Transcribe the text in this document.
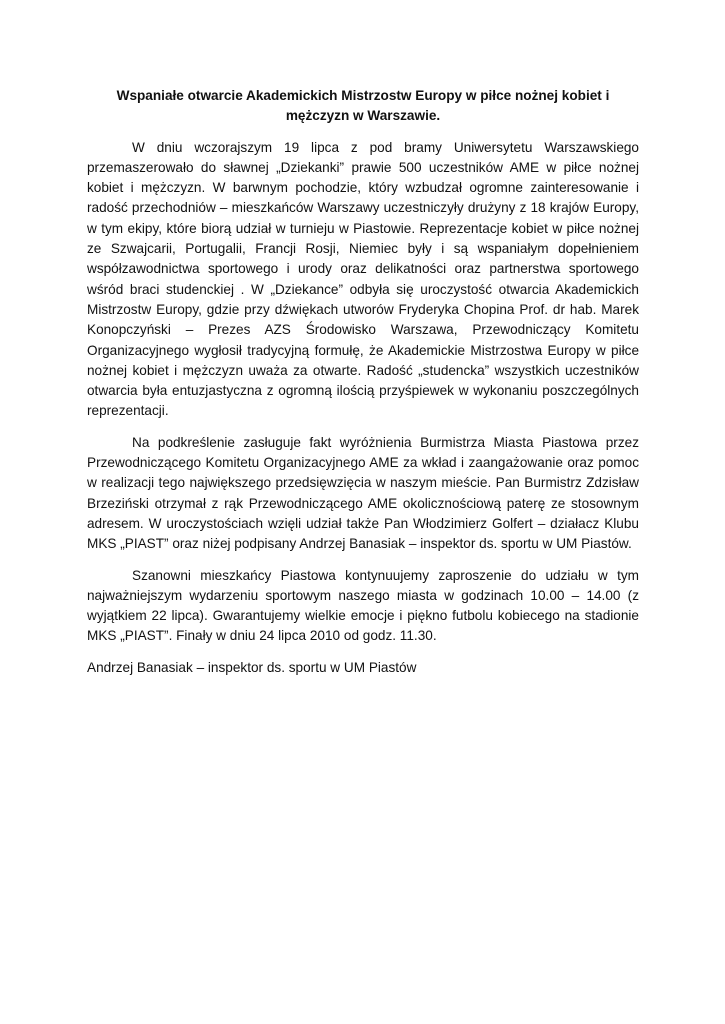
Wspaniałe otwarcie Akademickich Mistrzostw Europy w piłce nożnej kobiet i mężczyzn w Warszawie.

W dniu wczorajszym 19 lipca z pod bramy Uniwersytetu Warszawskiego przemaszerowało do sławnej „Dziekanki” prawie 500 uczestników AME w piłce nożnej kobiet i mężczyzn. W barwnym pochodzie, który wzbudzał ogromne zainteresowanie i radość przechodniów – mieszkańców Warszawy uczestniczyły drużyny z 18 krajów Europy, w tym ekipy, które biorą udział w turnieju w Piastowie. Reprezentacje kobiet w piłce nożnej ze Szwajcarii, Portugalii, Francji Rosji, Niemiec były i są wspaniałym dopełnieniem współzawodnictwa sportowego i urody oraz delikatności oraz partnerstwa sportowego wśród braci studenckiej . W „Dziekance” odbyła się uroczystość otwarcia Akademickich Mistrzostw Europy, gdzie przy dźwiękach utworów Fryderyka Chopina Prof. dr hab. Marek Konopczyński – Prezes AZS Środowisko Warszawa, Przewodniczący Komitetu Organizacyjnego wygłosił tradycyjną formułę, że Akademickie Mistrzostwa Europy w piłce nożnej kobiet i mężczyzn uważa za otwarte. Radość „studencka” wszystkich uczestników otwarcia była entuzjastyczna z ogromną ilością przyśpiewek w wykonaniu poszczególnych reprezentacji.

Na podkreślenie zasługuje fakt wyróżnienia Burmistrza Miasta Piastowa przez Przewodniczącego Komitetu Organizacyjnego AME za wkład i zaangażowanie oraz pomoc w realizacji tego największego przedsięwzięcia w naszym mieście. Pan Burmistrz Zdzisław Brzeziński otrzymał z rąk Przewodniczącego AME okolicznościową paterę ze stosownym adresem. W uroczystościach wzięli udział także Pan Włodzimierz Golfert – działacz Klubu MKS „PIAST” oraz niżej podpisany Andrzej Banasiak – inspektor ds. sportu w UM Piastów.

Szanowni mieszkańcy Piastowa kontynuujemy zaproszenie do udziału w tym najważniejszym wydarzeniu sportowym naszego miasta w godzinach 10.00 – 14.00 (z wyjątkiem 22 lipca). Gwarantujemy wielkie emocje i piękno futbolu kobiecego na stadionie MKS „PIAST”. Finały w dniu 24 lipca 2010 od godz. 11.30.

Andrzej Banasiak – inspektor ds. sportu w UM Piastów
